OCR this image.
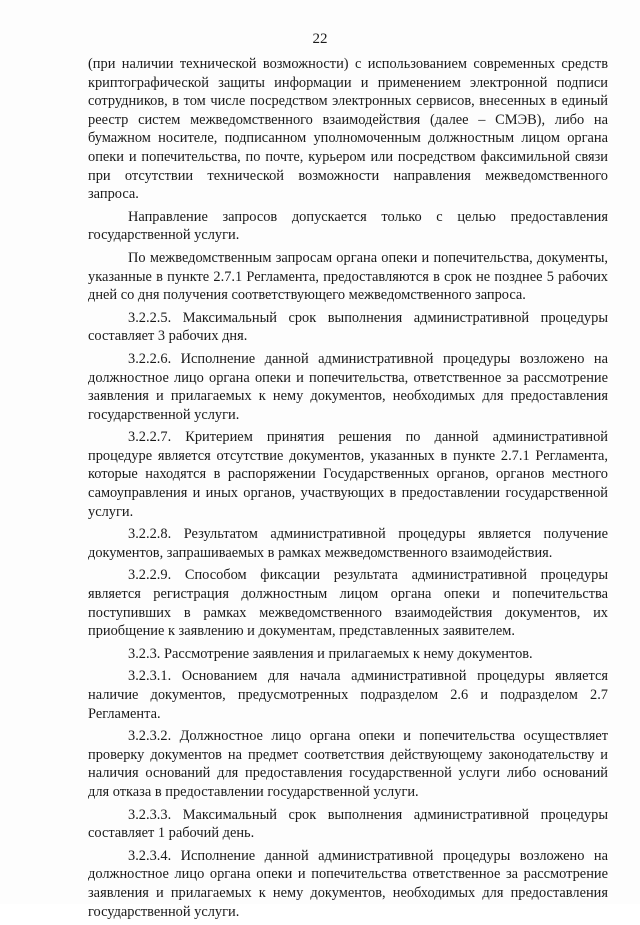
22

(при наличии технической возможности) с использованием современных средств криптографической защиты информации и применением электронной подписи сотрудников, в том числе посредством электронных сервисов, внесенных в единый реестр систем межведомственного взаимодействия (далее – СМЭВ), либо на бумажном носителе, подписанном уполномоченным должностным лицом органа опеки и попечительства, по почте, курьером или посредством факсимильной связи при отсутствии технической возможности направления межведомственного запроса.

Направление запросов допускается только с целью предоставления государственной услуги.

По межведомственным запросам органа опеки и попечительства, документы, указанные в пункте 2.7.1 Регламента, предоставляются в срок не позднее 5 рабочих дней со дня получения соответствующего межведомственного запроса.

3.2.2.5. Максимальный срок выполнения административной процедуры составляет 3 рабочих дня.

3.2.2.6. Исполнение данной административной процедуры возложено на должностное лицо органа опеки и попечительства, ответственное за рассмотрение заявления и прилагаемых к нему документов, необходимых для предоставления государственной услуги.

3.2.2.7. Критерием принятия решения по данной административной процедуре является отсутствие документов, указанных в пункте 2.7.1 Регламента, которые находятся в распоряжении Государственных органов, органов местного самоуправления и иных органов, участвующих в предоставлении государственной услуги.

3.2.2.8. Результатом административной процедуры является получение документов, запрашиваемых в рамках межведомственного взаимодействия.

3.2.2.9. Способом фиксации результата административной процедуры является регистрация должностным лицом органа опеки и попечительства поступивших в рамках межведомственного взаимодействия документов, их приобщение к заявлению и документам, представленных заявителем.

3.2.3. Рассмотрение заявления и прилагаемых к нему документов.

3.2.3.1. Основанием для начала административной процедуры является наличие документов, предусмотренных подразделом 2.6 и подразделом 2.7 Регламента.

3.2.3.2. Должностное лицо органа опеки и попечительства осуществляет проверку документов на предмет соответствия действующему законодательству и наличия оснований для предоставления государственной услуги либо оснований для отказа в предоставлении государственной услуги.

3.2.3.3. Максимальный срок выполнения административной процедуры составляет 1 рабочий день.

3.2.3.4. Исполнение данной административной процедуры возложено на должностное лицо органа опеки и попечительства ответственное за рассмотрение заявления и прилагаемых к нему документов, необходимых для предоставления государственной услуги.
